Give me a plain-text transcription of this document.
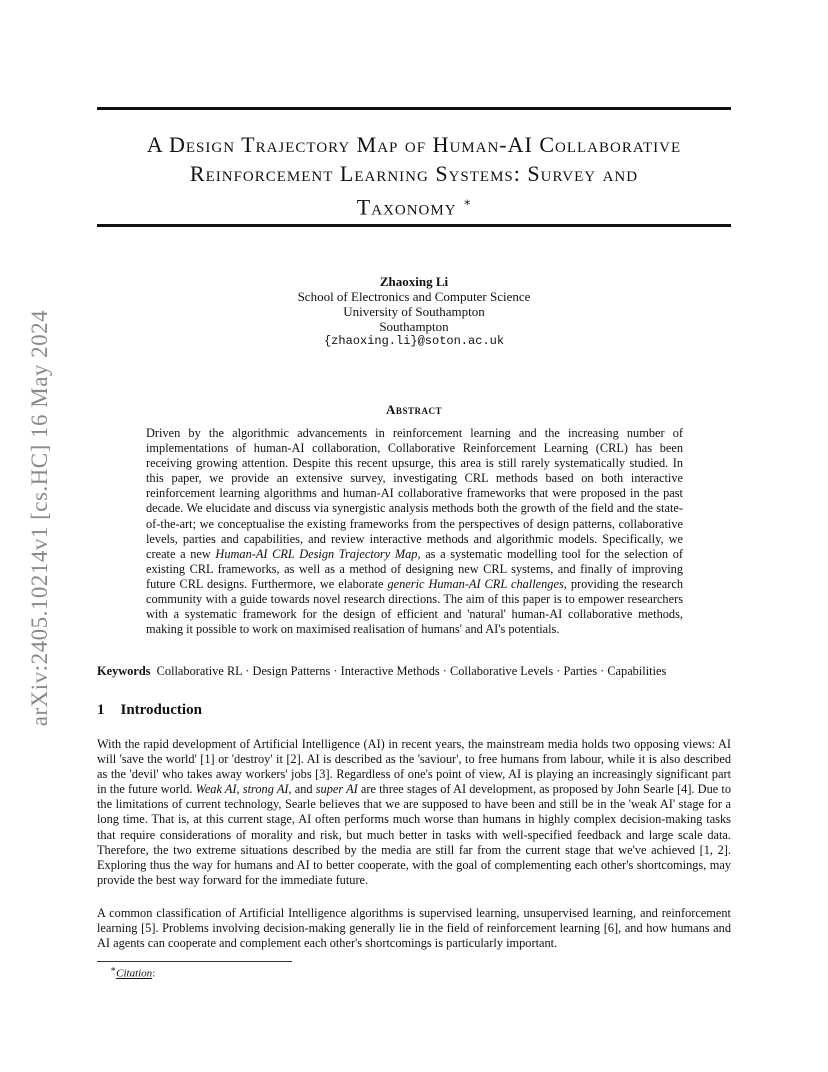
A Design Trajectory Map of Human-AI Collaborative
Reinforcement Learning Systems: Survey and
Taxonomy ∗
arXiv:2405.10214v1 [cs.HC] 16 May 2024
Zhaoxing Li
School of Electronics and Computer Science
University of Southampton
Southampton
{zhaoxing.li}@soton.ac.uk
Abstract
Driven by the algorithmic advancements in reinforcement learning and the increasing number of implementations of human-AI collaboration, Collaborative Reinforcement Learning (CRL) has been receiving growing attention. Despite this recent upsurge, this area is still rarely systematically studied. In this paper, we provide an extensive survey, investigating CRL methods based on both interactive reinforcement learning algorithms and human-AI collaborative frameworks that were proposed in the past decade. We elucidate and discuss via synergistic analysis methods both the growth of the field and the state-of-the-art; we conceptualise the existing frameworks from the perspectives of design patterns, collaborative levels, parties and capabilities, and review interactive methods and algorithmic models. Specifically, we create a new Human-AI CRL Design Trajectory Map, as a systematic modelling tool for the selection of existing CRL frameworks, as well as a method of designing new CRL systems, and finally of improving future CRL designs. Furthermore, we elaborate generic Human-AI CRL challenges, providing the research community with a guide towards novel research directions. The aim of this paper is to empower researchers with a systematic framework for the design of efficient and 'natural' human-AI collaborative methods, making it possible to work on maximised realisation of humans' and AI's potentials.
Keywords Collaborative RL · Design Patterns · Interactive Methods · Collaborative Levels · Parties · Capabilities
1 Introduction
With the rapid development of Artificial Intelligence (AI) in recent years, the mainstream media holds two opposing views: AI will 'save the world' [1] or 'destroy' it [2]. AI is described as the 'saviour', to free humans from labour, while it is also described as the 'devil' who takes away workers' jobs [3]. Regardless of one's point of view, AI is playing an increasingly significant part in the future world. Weak AI, strong AI, and super AI are three stages of AI development, as proposed by John Searle [4]. Due to the limitations of current technology, Searle believes that we are supposed to have been and still be in the 'weak AI' stage for a long time. That is, at this current stage, AI often performs much worse than humans in highly complex decision-making tasks that require considerations of morality and risk, but much better in tasks with well-specified feedback and large scale data. Therefore, the two extreme situations described by the media are still far from the current stage that we've achieved [1, 2]. Exploring thus the way for humans and AI to better cooperate, with the goal of complementing each other's shortcomings, may provide the best way forward for the immediate future.
A common classification of Artificial Intelligence algorithms is supervised learning, unsupervised learning, and reinforcement learning [5]. Problems involving decision-making generally lie in the field of reinforcement learning [6], and how humans and AI agents can cooperate and complement each other's shortcomings is particularly important.
∗Citation:
